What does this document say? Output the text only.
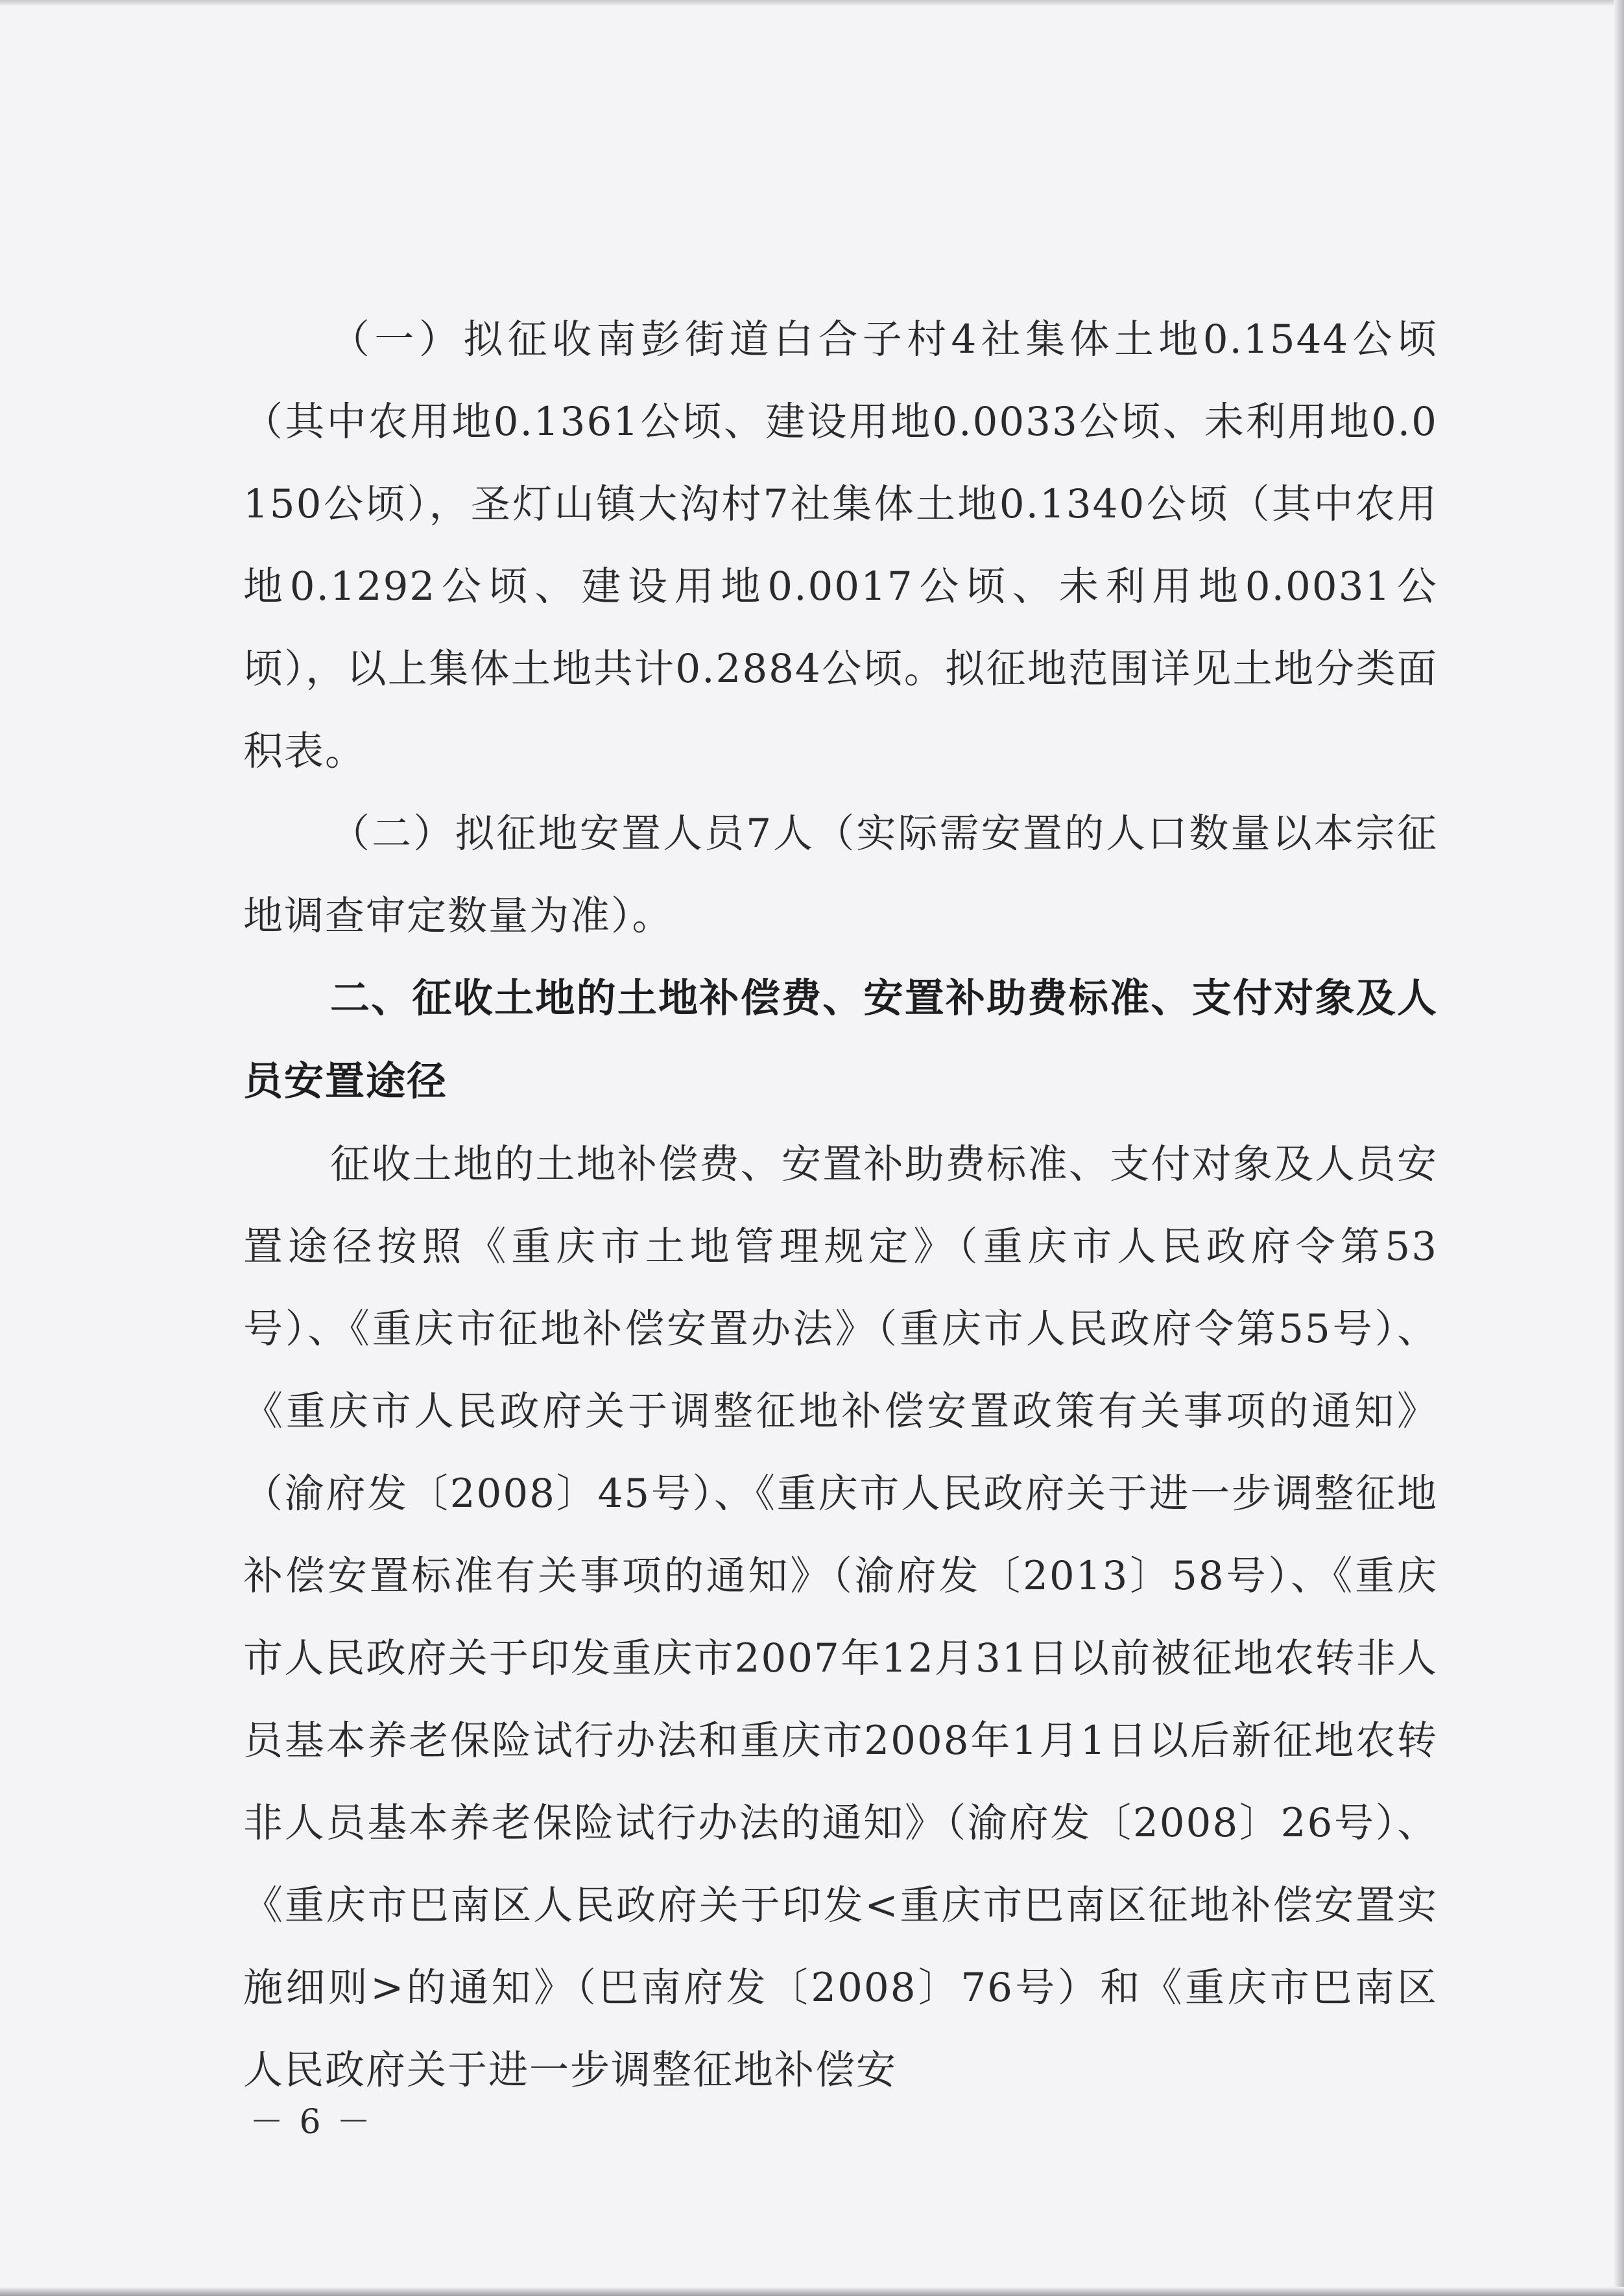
（一）拟征收南彭街道白合子村4社集体土地0.1544公顷（其中农用地0.1361公顷、建设用地0.0033公顷、未利用地0.0150公顷），圣灯山镇大沟村7社集体土地0.1340公顷（其中农用地0.1292公顷、建设用地0.0017公顷、未利用地0.0031公顷），以上集体土地共计0.2884公顷。拟征地范围详见土地分类面积表。

（二）拟征地安置人员7人（实际需安置的人口数量以本宗征地调查审定数量为准）。

二、征收土地的土地补偿费、安置补助费标准、支付对象及人员安置途径

征收土地的土地补偿费、安置补助费标准、支付对象及人员安置途径按照《重庆市土地管理规定》（重庆市人民政府令第53号）、《重庆市征地补偿安置办法》（重庆市人民政府令第55号）、《重庆市人民政府关于调整征地补偿安置政策有关事项的通知》（渝府发〔2008〕45号）、《重庆市人民政府关于进一步调整征地补偿安置标准有关事项的通知》（渝府发〔2013〕58号）、《重庆市人民政府关于印发重庆市2007年12月31日以前被征地农转非人员基本养老保险试行办法和重庆市2008年1月1日以后新征地农转非人员基本养老保险试行办法的通知》（渝府发〔2008〕26号）、《重庆市巴南区人民政府关于印发<重庆市巴南区征地补偿安置实施细则>的通知》（巴南府发〔2008〕76号）和《重庆市巴南区人民政府关于进一步调整征地补偿安

－ 6 －
